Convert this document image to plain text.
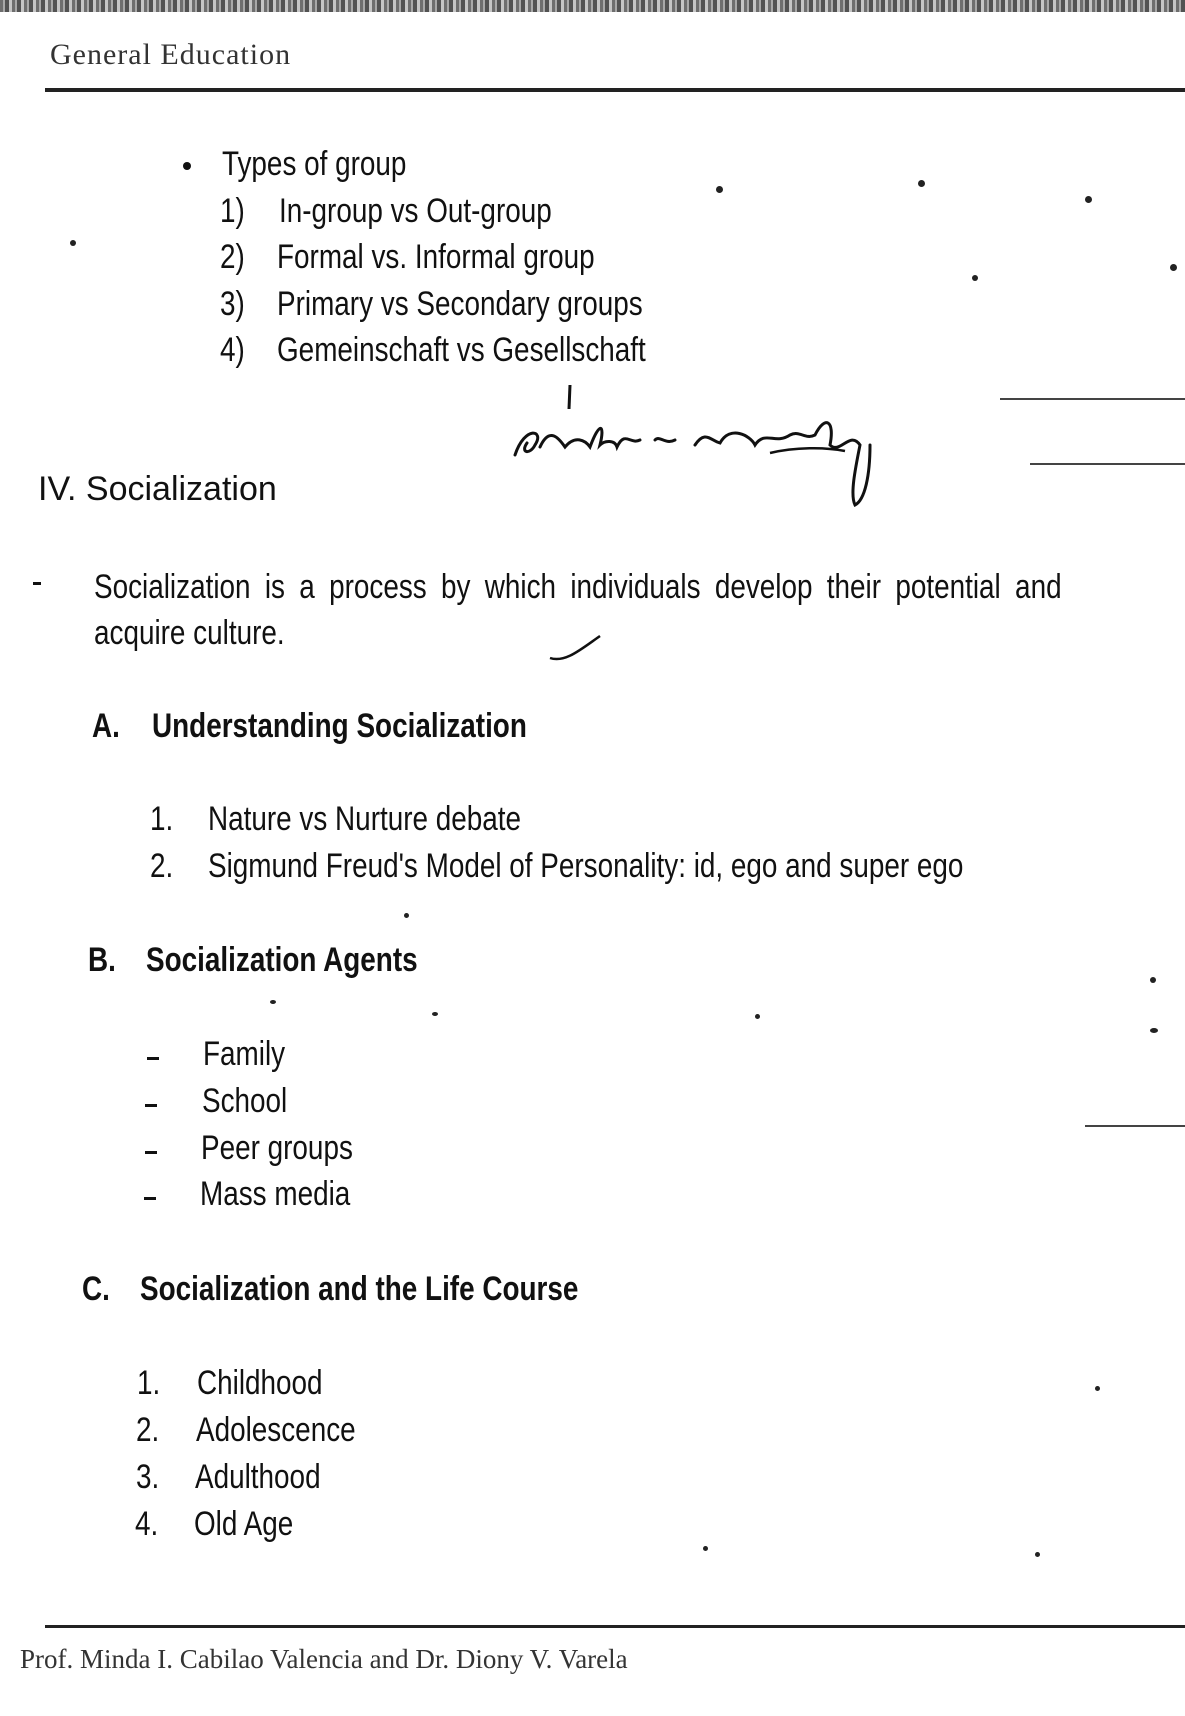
General Education
Types of group
1) In-group vs Out-group
2) Formal vs. Informal group
3) Primary vs Secondary groups
4) Gemeinschaft vs Gesellschaft
Relation in society
IV. Socialization
Socialization is a process by which individuals develop their potential and
acquire culture.
A. Understanding Socialization
1. Nature vs Nurture debate
2. Sigmund Freud's Model of Personality: id, ego and super ego
B. Socialization Agents
Family
School
Peer groups
Mass media
C. Socialization and the Life Course
1. Childhood
2. Adolescence
3. Adulthood
4. Old Age
Prof. Minda I. Cabilao Valencia and Dr. Diony V. Varela
